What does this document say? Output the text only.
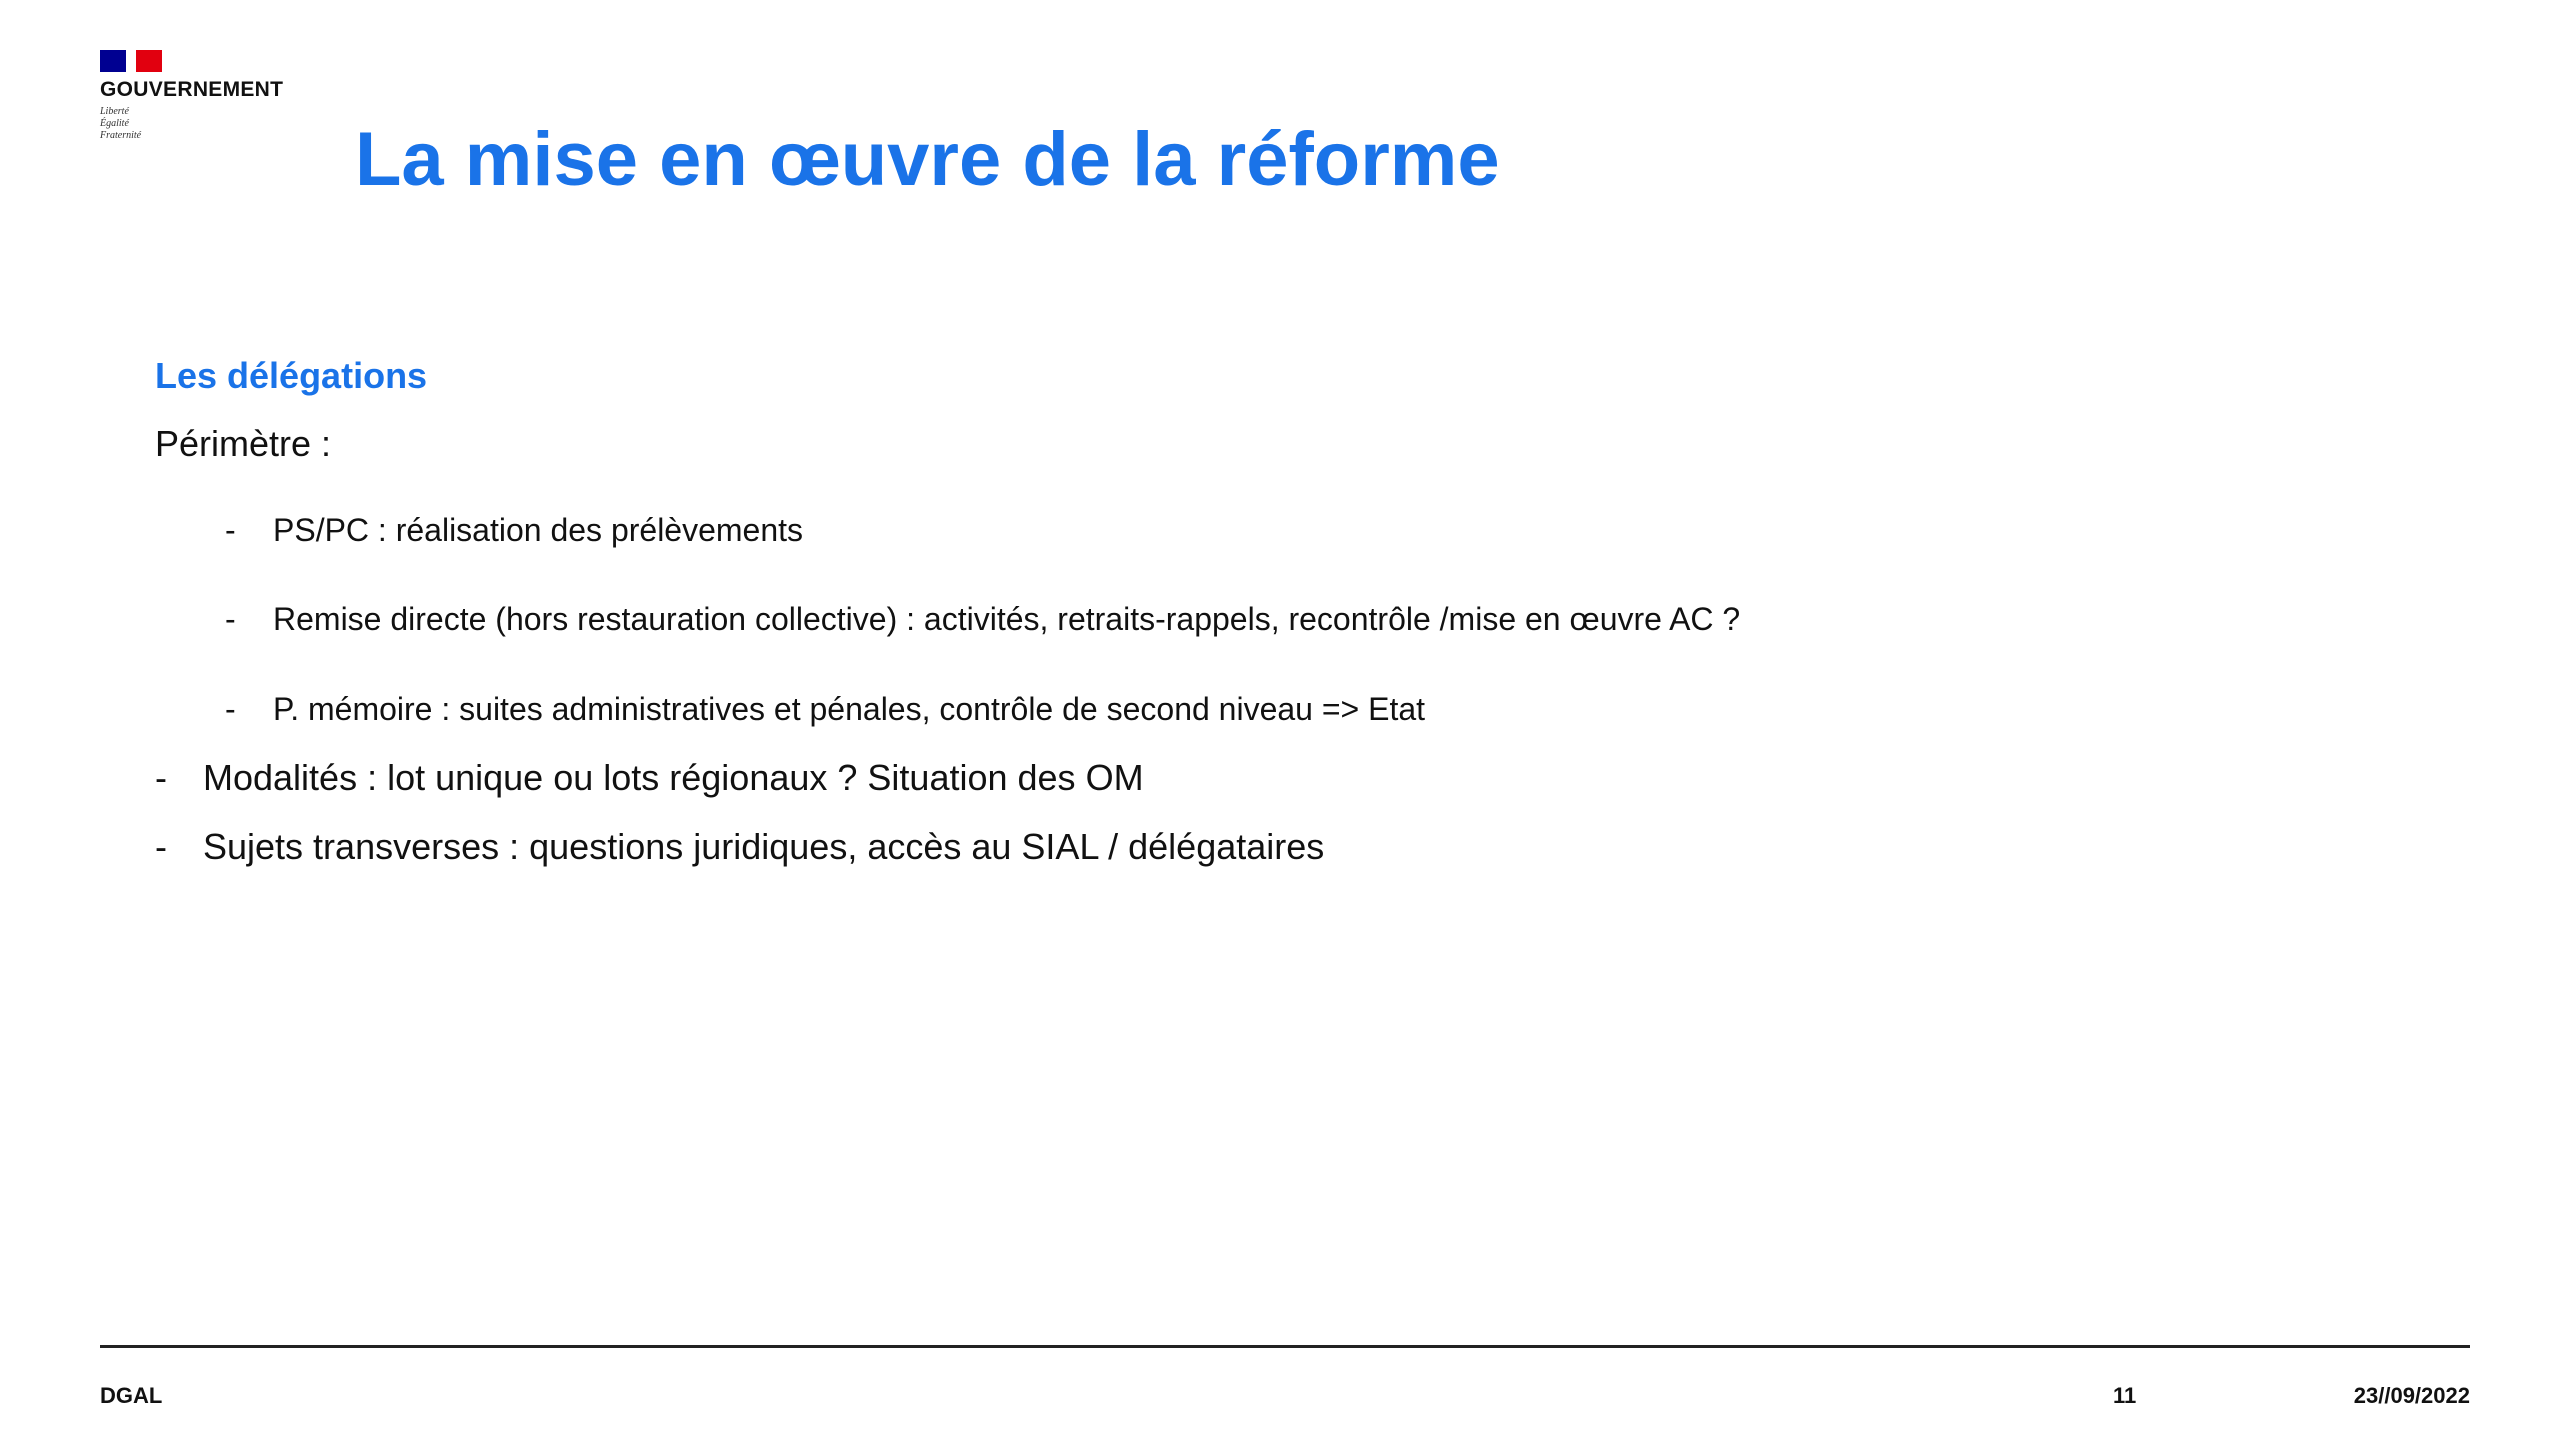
GOUVERNEMENT
Liberté
Égalité
Fraternité	La mise en œuvre de la réforme
Les délégations
Périmètre :
- PS/PC : réalisation des prélèvements
- Remise directe (hors restauration collective) : activités, retraits-rappels, recontrôle /mise en œuvre AC ?
- P. mémoire : suites administratives et pénales, contrôle de second niveau => Etat
- Modalités : lot unique ou lots régionaux ? Situation des OM
- Sujets transverses : questions juridiques, accès au SIAL / délégataires
DGAL	11	23//09/2022
